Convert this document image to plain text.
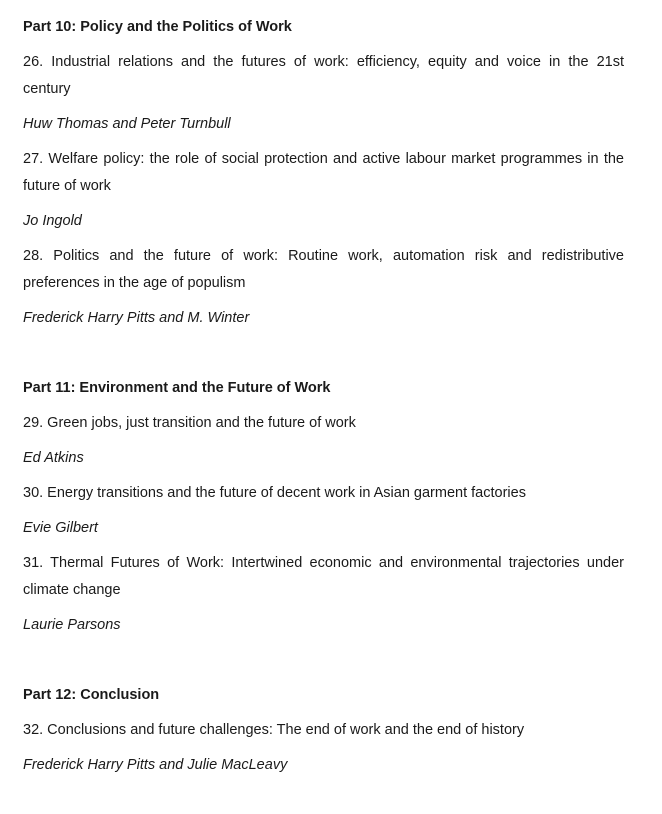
Part 10: Policy and the Politics of Work
26. Industrial relations and the futures of work: efficiency, equity and voice in the 21st
century
Huw Thomas and Peter Turnbull
27. Welfare policy: the role of social protection and active labour market programmes in the
future of work
Jo Ingold
28. Politics and the future of work: Routine work, automation risk and redistributive
preferences in the age of populism
Frederick Harry Pitts and M. Winter
Part 11: Environment and the Future of Work
29. Green jobs, just transition and the future of work
Ed Atkins
30. Energy transitions and the future of decent work in Asian garment factories
Evie Gilbert
31. Thermal Futures of Work: Intertwined economic and environmental trajectories under
climate change
Laurie Parsons
Part 12: Conclusion
32. Conclusions and future challenges: The end of work and the end of history
Frederick Harry Pitts and Julie MacLeavy
